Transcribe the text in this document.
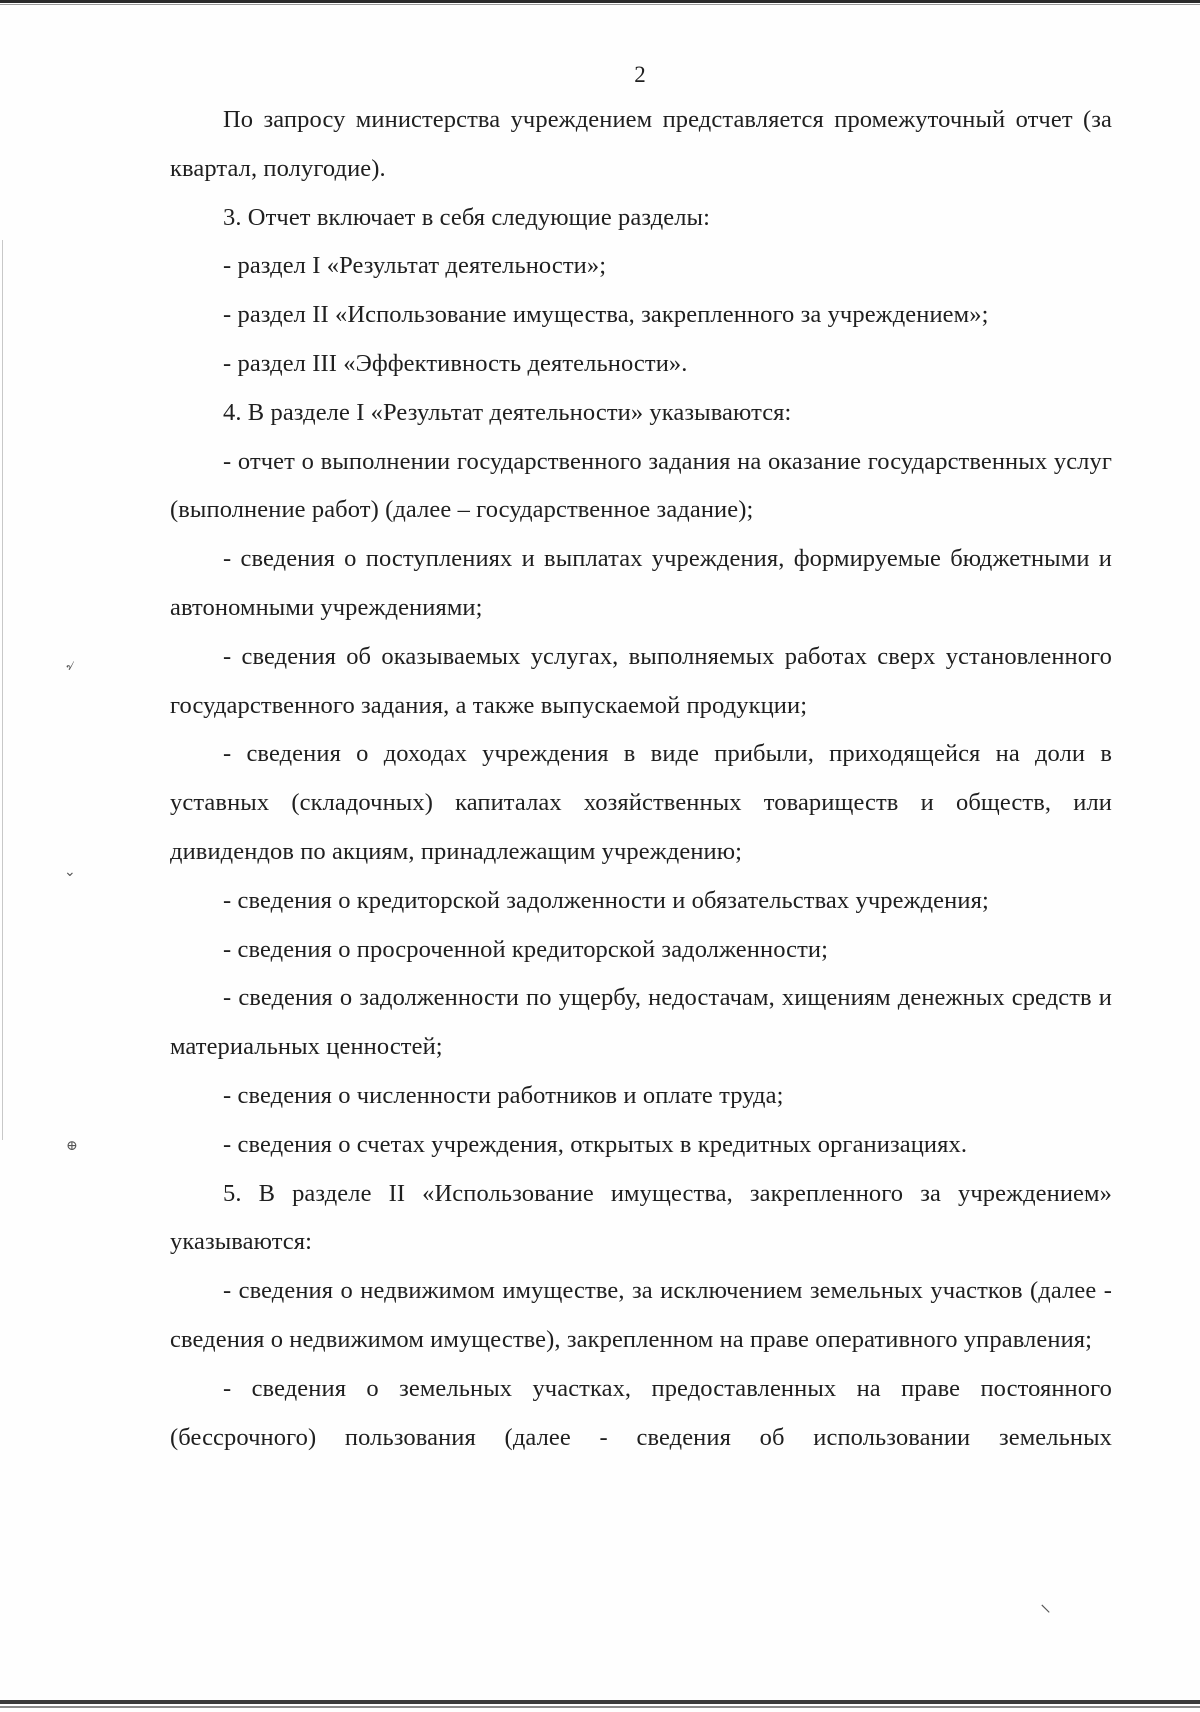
৵
⌄
⊕
⸜
2

По запросу министерства учреждением представляется промежуточный отчет (за квартал, полугодие).

3. Отчет включает в себя следующие разделы:

- раздел I «Результат деятельности»;

- раздел II «Использование имущества, закрепленного за учреждением»;

- раздел III «Эффективность деятельности».

4. В разделе I «Результат деятельности» указываются:

- отчет о выполнении государственного задания на оказание государственных услуг (выполнение работ) (далее – государственное задание);

- сведения о поступлениях и выплатах учреждения, формируемые бюджетными и автономными учреждениями;

- сведения об оказываемых услугах, выполняемых работах сверх установленного государственного задания, а также выпускаемой продукции;

- сведения о доходах учреждения в виде прибыли, приходящейся на доли в уставных (складочных) капиталах хозяйственных товариществ и обществ, или дивидендов по акциям, принадлежащим учреждению;

- сведения о кредиторской задолженности и обязательствах учреждения;

- сведения о просроченной кредиторской задолженности;

- сведения о задолженности по ущербу, недостачам, хищениям денежных средств и материальных ценностей;

- сведения о численности работников и оплате труда;

- сведения о счетах учреждения, открытых в кредитных организациях.

5. В разделе II «Использование имущества, закрепленного за учреждением» указываются:

- сведения о недвижимом имуществе, за исключением земельных участков (далее - сведения о недвижимом имуществе), закрепленном на праве оперативного управления;

- сведения о земельных участках, предоставленных на праве постоянного (бессрочного) пользования (далее - сведения об использовании земельных
